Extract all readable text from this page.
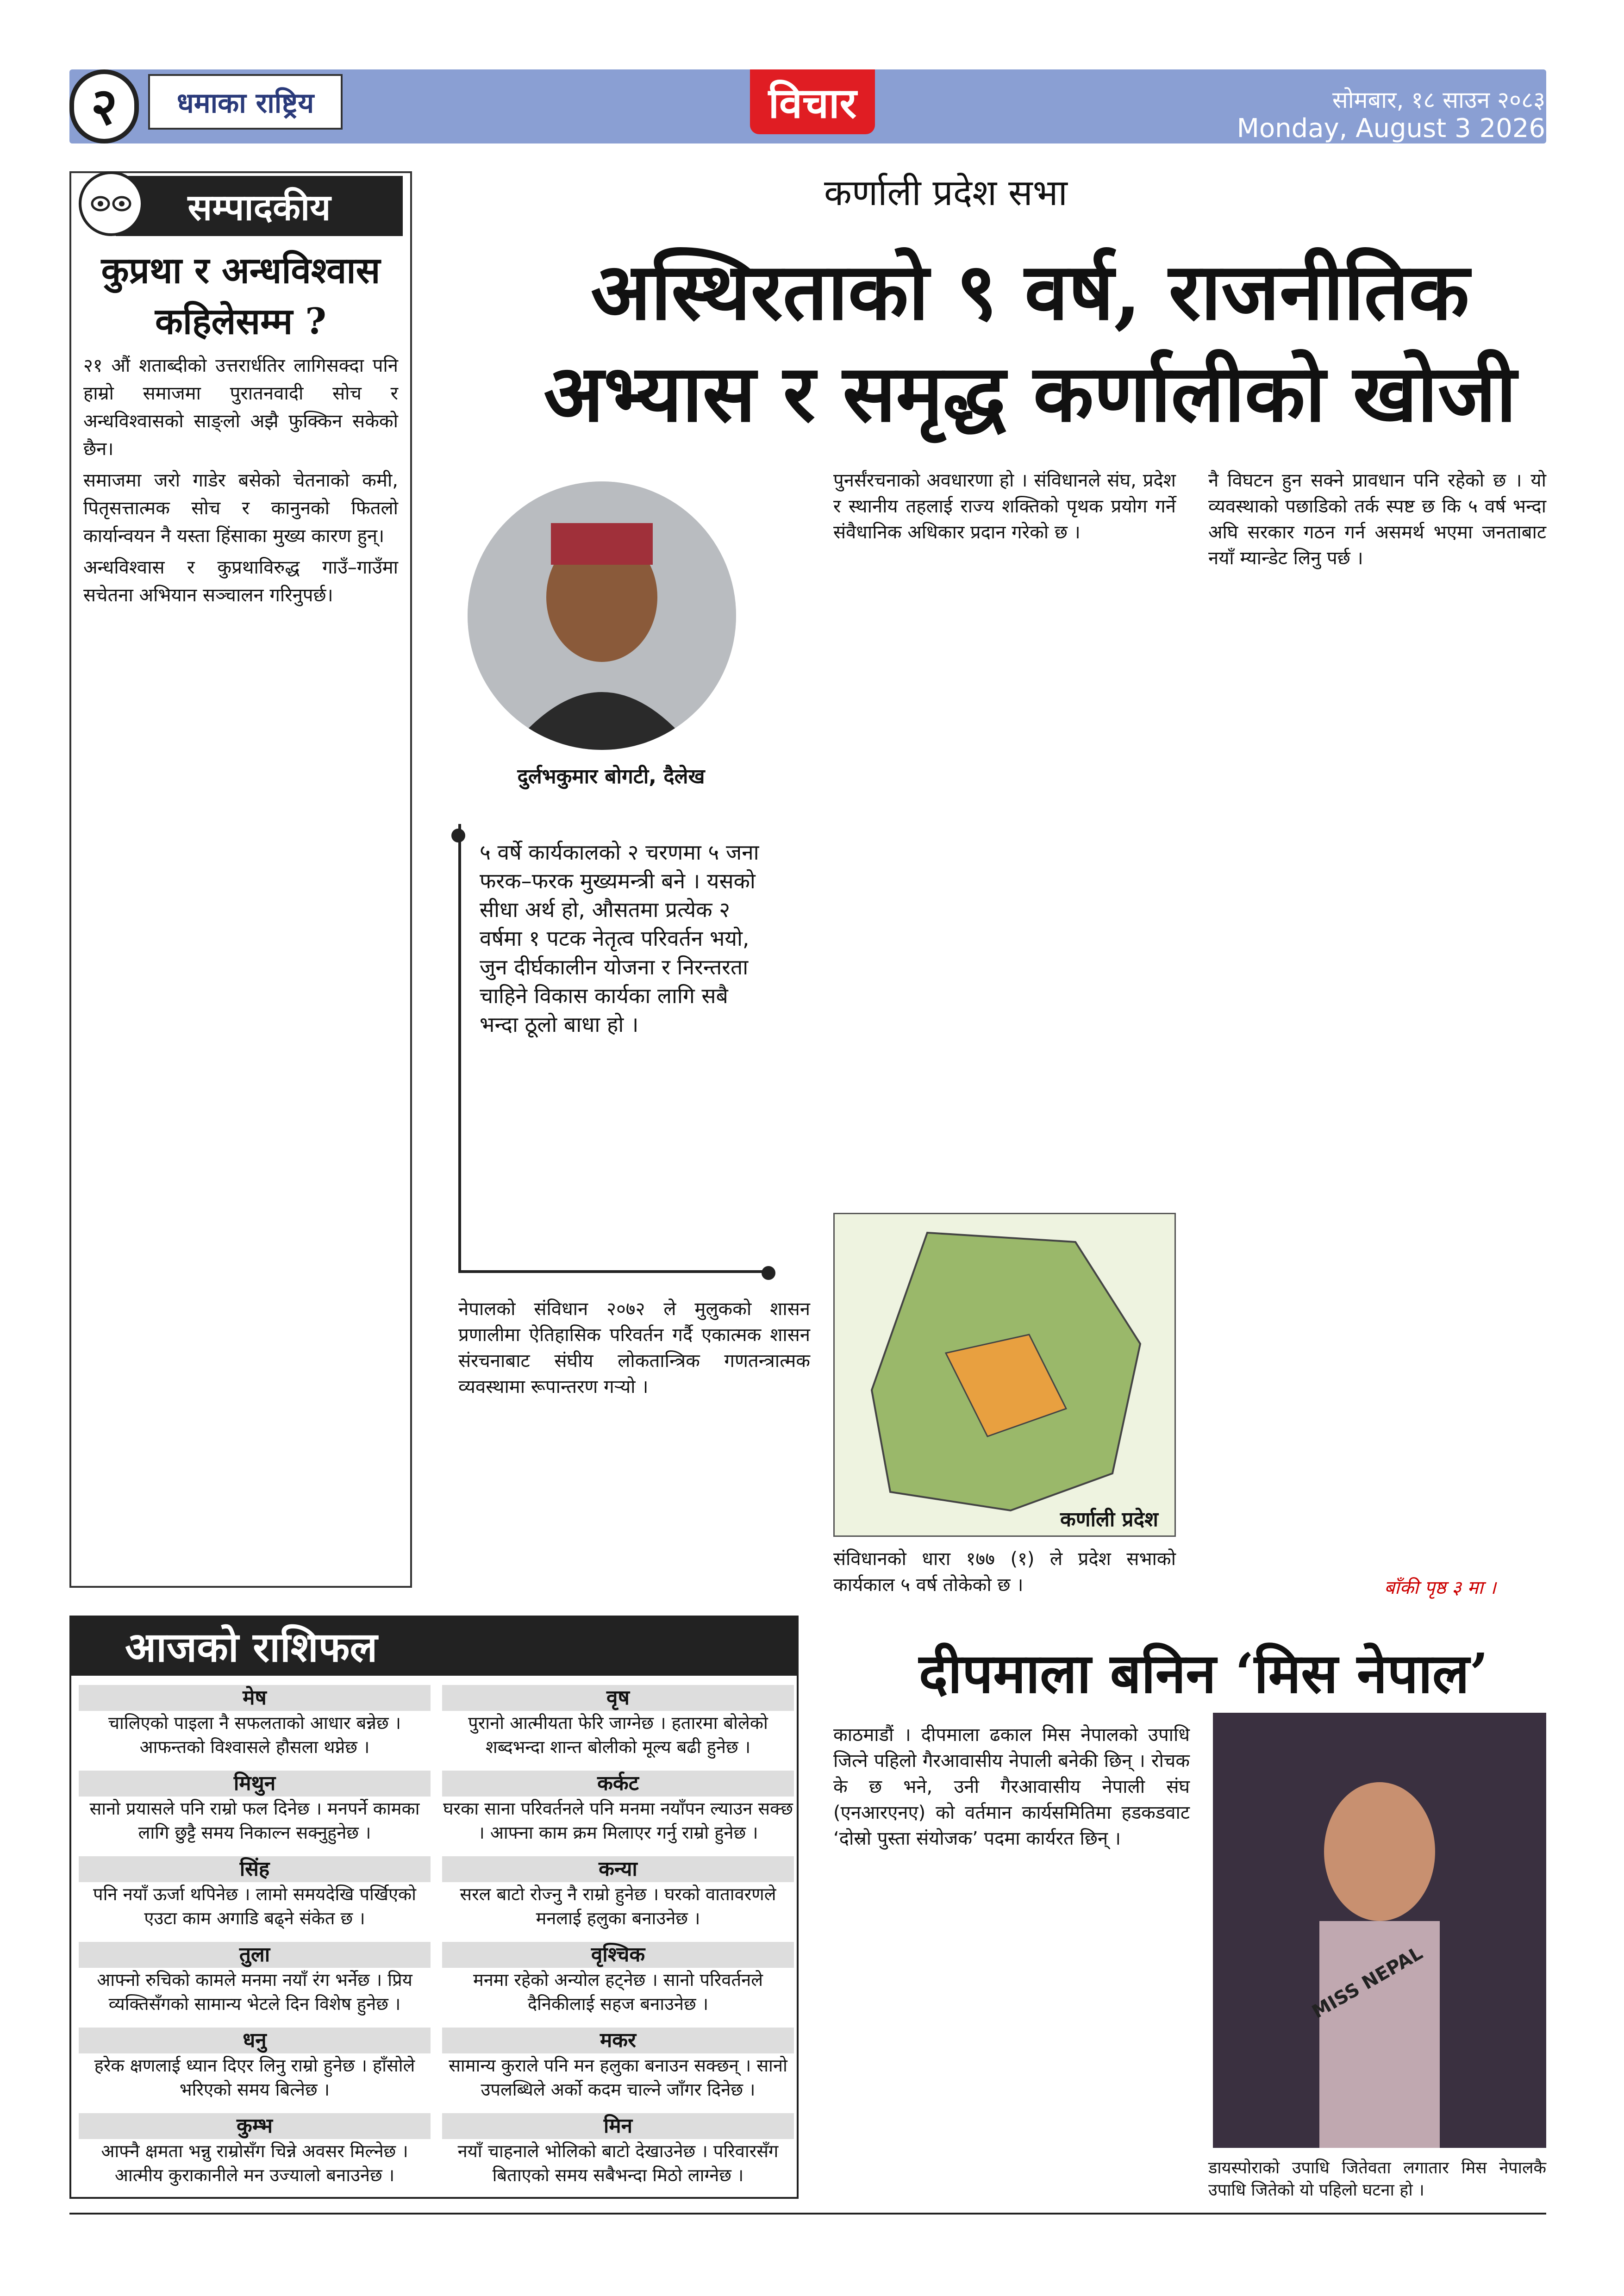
२	धमाका राष्ट्रिय	विचार	सोमबार, १८ साउन २०८३
Monday, August 3 2026
सम्पादकीय
कुप्रथा र अन्धविश्वास कहिलेसम्म ?

२१ औं शताब्दीको उत्तरार्धतिर लागिसक्दा पनि हाम्रो समाजमा पुरातनवादी सोच र अन्धविश्वासको साङ्लो अझै फुक्किन सकेको छैन।

समाजमा जरो गाडेर बसेको चेतनाको कमी, पितृसत्तात्मक सोच र कानुनको फितलो कार्यान्वयन नै यस्ता हिंसाका मुख्य कारण हुन्।

अन्धविश्वास र कुप्रथाविरुद्ध गाउँ–गाउँमा सचेतना अभियान सञ्चालन गरिनुपर्छ।

कर्णाली प्रदेश सभा
अस्थिरताको ९ वर्ष, राजनीतिक अभ्यास र समृद्ध कर्णालीको खोजी
दुर्लभकुमार बोगटी, दैलेख
५ वर्षे कार्यकालको २ चरणमा ५ जना फरक–फरक मुख्यमन्त्री बने । यसको सीधा अर्थ हो, औसतमा प्रत्येक २ वर्षमा १ पटक नेतृत्व परिवर्तन भयो, जुन दीर्घकालीन योजना र निरन्तरता चाहिने विकास कार्यका लागि सबै भन्दा ठूलो बाधा हो ।
नेपालको संविधान २०७२ ले मुलुकको शासन प्रणालीमा ऐतिहासिक परिवर्तन गर्दै एकात्मक शासन संरचनाबाट संघीय लोकतान्त्रिक गणतन्त्रात्मक व्यवस्थामा रूपान्तरण गऱ्यो ।
पुनर्संरचनाको अवधारणा हो । संविधानले संघ, प्रदेश र स्थानीय तहलाई राज्य शक्तिको पृथक प्रयोग गर्ने संवैधानिक अधिकार प्रदान गरेको छ ।
नै विघटन हुन सक्ने प्रावधान पनि रहेको छ । यो व्यवस्थाको पछाडिको तर्क स्पष्ट छ कि ५ वर्ष भन्दा अघि सरकार गठन गर्न असमर्थ भएमा जनताबाट नयाँ म्यान्डेट लिनु पर्छ ।
कर्णाली प्रदेश
संविधानको धारा १७७ (१) ले प्रदेश सभाको कार्यकाल ५ वर्ष तोकेको छ ।	बाँकी पृष्ठ ३ मा ।
आजको राशिफल
मेष
चालिएको पाइला नै सफलताको आधार बन्नेछ । आफन्तको विश्वासले हौसला थप्नेछ ।
वृष
पुरानो आत्मीयता फेरि जाग्नेछ । हतारमा बोलेको शब्दभन्दा शान्त बोलीको मूल्य बढी हुनेछ ।
मिथुन
सानो प्रयासले पनि राम्रो फल दिनेछ । मनपर्ने कामका लागि छुट्टै समय निकाल्न सक्नुहुनेछ ।
कर्कट
घरका साना परिवर्तनले पनि मनमा नयाँपन ल्याउन सक्छ । आफ्ना काम क्रम मिलाएर गर्नु राम्रो हुनेछ ।
सिंह
पनि नयाँ ऊर्जा थपिनेछ । लामो समयदेखि पर्खिएको एउटा काम अगाडि बढ्ने संकेत छ ।
कन्या
सरल बाटो रोज्नु नै राम्रो हुनेछ । घरको वातावरणले मनलाई हलुका बनाउनेछ ।
तुला
आफ्नो रुचिको कामले मनमा नयाँ रंग भर्नेछ । प्रिय व्यक्तिसँगको सामान्य भेटले दिन विशेष हुनेछ ।
वृश्चिक
मनमा रहेको अन्योल हट्नेछ । सानो परिवर्तनले दैनिकीलाई सहज बनाउनेछ ।
धनु
हरेक क्षणलाई ध्यान दिएर लिनु राम्रो हुनेछ । हाँसोले भरिएको समय बित्नेछ ।
मकर
सामान्य कुराले पनि मन हलुका बनाउन सक्छन् । सानो उपलब्धिले अर्को कदम चाल्ने जाँगर दिनेछ ।
कुम्भ
आफ्नै क्षमता भन्नु राम्रोसँग चिन्ने अवसर मिल्नेछ । आत्मीय कुराकानीले मन उज्यालो बनाउनेछ ।
मिन
नयाँ चाहनाले भोलिको बाटो देखाउनेछ । परिवारसँग बिताएको समय सबैभन्दा मिठो लाग्नेछ ।
दीपमाला बनिन ‘मिस नेपाल’
काठमाडौं । दीपमाला ढकाल मिस नेपालको उपाधि जित्ने पहिलो गैरआवासीय नेपाली बनेकी छिन् । रोचक के छ भने, उनी गैरआवासीय नेपाली संघ (एनआरएनए) को वर्तमान कार्यसमितिमा हडकडवाट ‘दोस्रो पुस्ता संयोजक’ पदमा कार्यरत छिन् ।
MISS NEPAL
डायस्पोराको उपाधि जितेवता लगातार मिस नेपालकै उपाधि जितेको यो पहिलो घटना हो ।
